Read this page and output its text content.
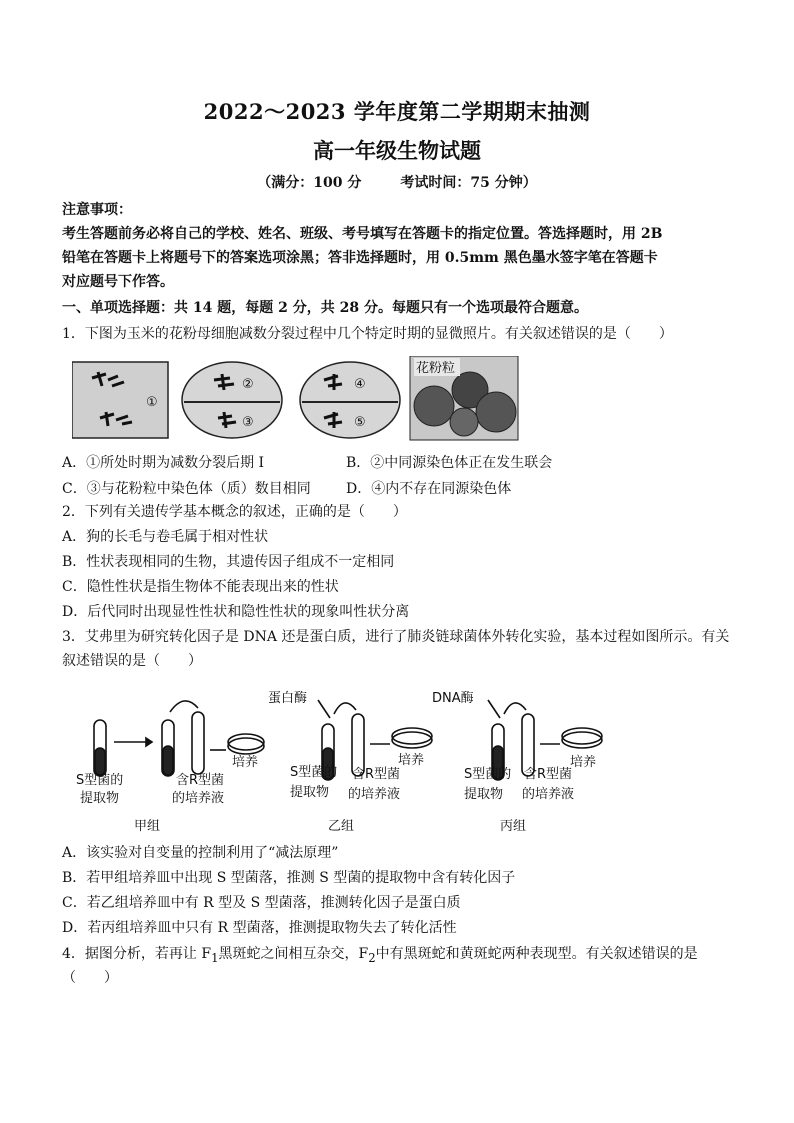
2022～2023 学年度第二学期期末抽测
高一年级生物试题
（满分：100 分        考试时间：75 分钟）
注意事项：
考生答题前务必将自己的学校、姓名、班级、考号填写在答题卡的指定位置。答选择题时，用 2B
铅笔在答题卡上将题号下的答案选项涂黑；答非选择题时，用 0.5mm 黑色墨水签字笔在答题卡
对应题号下作答。
一、单项选择题：共 14 题，每题 2 分，共 28 分。每题只有一个选项最符合题意。
1．下图为玉米的花粉母细胞减数分裂过程中几个特定时期的显微照片。有关叙述错误的是（　　）
①
②
③
④
⑤
花粉粒
A．①所处时期为减数分裂后期 I	B．②中同源染色体正在发生联会
C．③与花粉粒中染色体（质）数目相同	D．④内不存在同源染色体
2．下列有关遗传学基本概念的叙述，正确的是（　　）
A．狗的长毛与卷毛属于相对性状
B．性状表现相同的生物，其遗传因子组成不一定相同
C．隐性性状是指生物体不能表现出来的性状
D．后代同时出现显性性状和隐性性状的现象叫性状分离
3．艾弗里为研究转化因子是 DNA 还是蛋白质，进行了肺炎链球菌体外转化实验，基本过程如图所示。有关
叙述错误的是（　　）
蛋白酶	DNA酶
S型菌的
提取物
含R型菌
的培养液
培养
甲组
S型菌的
提取物
含R型菌
的培养液
培养
乙组
S型菌的
提取物
含R型菌
的培养液
培养
丙组
A．该实验对自变量的控制利用了“减法原理”
B．若甲组培养皿中出现 S 型菌落，推测 S 型菌的提取物中含有转化因子
C．若乙组培养皿中有 R 型及 S 型菌落，推测转化因子是蛋白质
D．若丙组培养皿中只有 R 型菌落，推测提取物失去了转化活性
4．据图分析，若再让 $F_1$黑斑蛇之间相互杂交，$F_2$中有黑斑蛇和黄斑蛇两种表现型。有关叙述错误的是
（　　）
